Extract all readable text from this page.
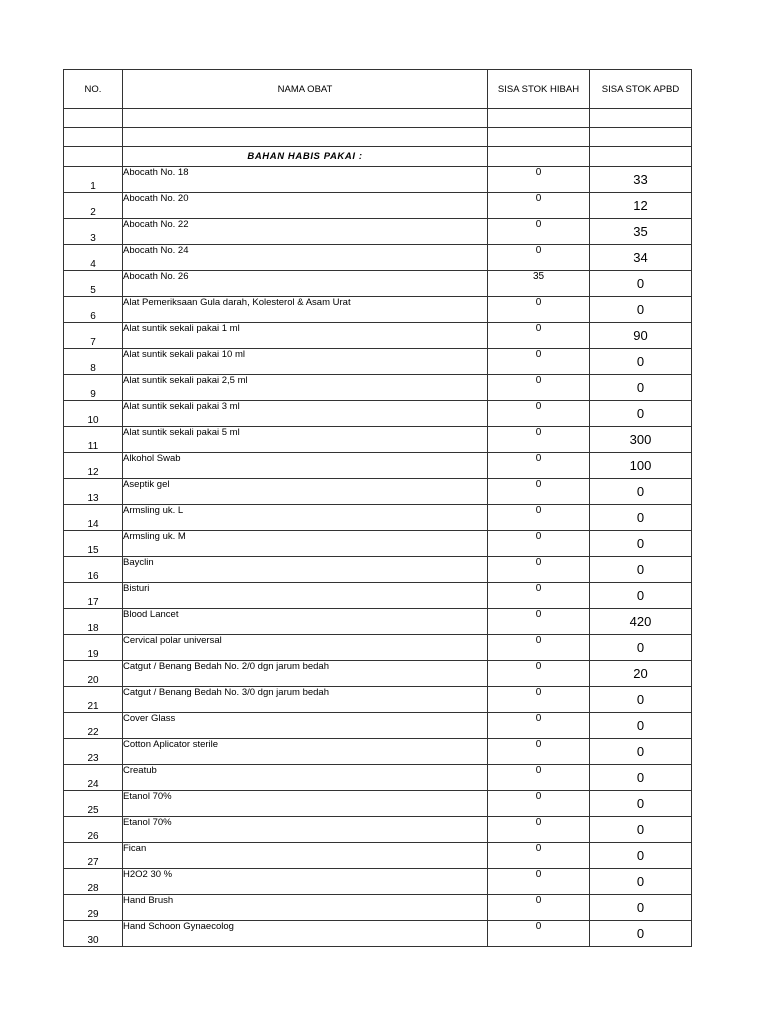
NO.	NAMA OBAT	SISA STOK HIBAH	SISA STOK APBD

	BAHAN HABIS PAKAI :		
1	Abocath No. 18	0	33
2	Abocath No. 20	0	12
3	Abocath No. 22	0	35
4	Abocath No. 24	0	34
5	Abocath No. 26	35	0
6	Alat Pemeriksaan Gula darah, Kolesterol & Asam Urat	0	0
7	Alat suntik sekali pakai 1 ml	0	90
8	Alat suntik sekali pakai 10 ml	0	0
9	Alat suntik sekali pakai 2,5 ml	0	0
10	Alat suntik sekali pakai 3 ml	0	0
11	Alat suntik sekali pakai 5 ml	0	300
12	Alkohol Swab	0	100
13	Aseptik gel	0	0
14	Armsling uk. L	0	0
15	Armsling uk. M	0	0
16	Bayclin	0	0
17	Bisturi	0	0
18	Blood Lancet	0	420
19	Cervical polar universal	0	0
20	Catgut / Benang Bedah No. 2/0 dgn jarum bedah	0	20
21	Catgut / Benang Bedah No. 3/0 dgn jarum bedah	0	0
22	Cover Glass	0	0
23	Cotton Aplicator sterile	0	0
24	Creatub	0	0
25	Etanol 70%	0	0
26	Etanol 70%	0	0
27	Fican	0	0
28	H2O2 30 %	0	0
29	Hand Brush	0	0
30	Hand Schoon Gynaecolog	0	0
